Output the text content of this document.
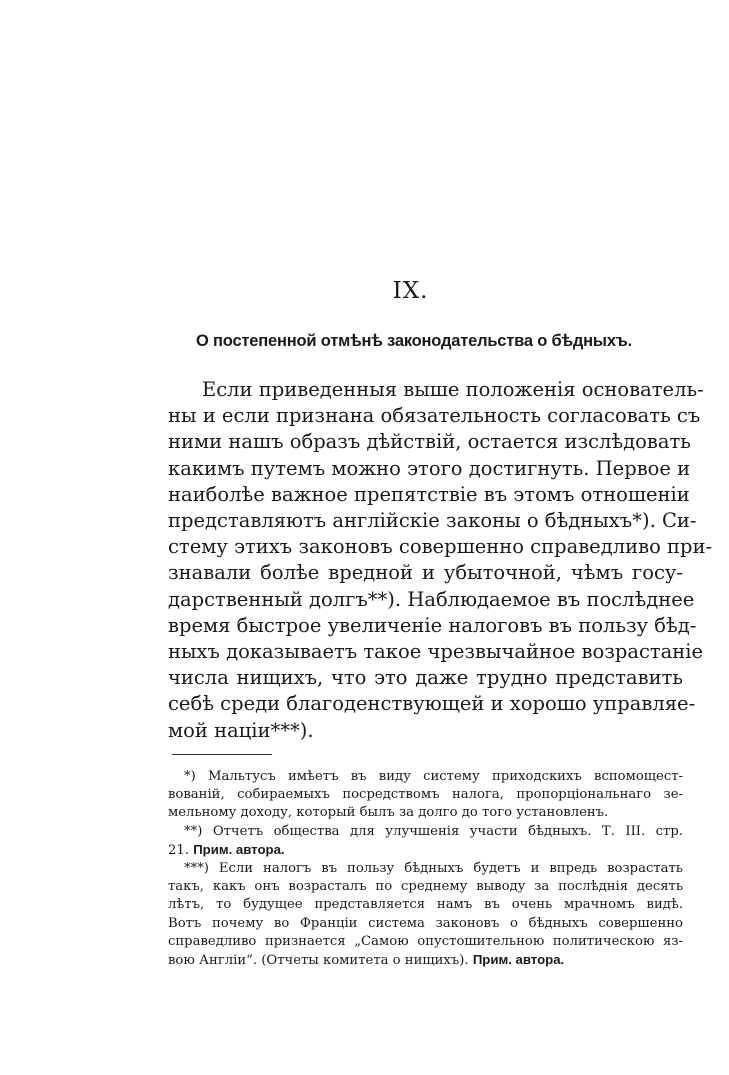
IX.
О постепенной отмѣнѣ законодательства о бѣдныхъ.
Если приведенныя выше положенія основатель-
ны и если признана обязательность согласовать съ
ними нашъ образъ дѣйствій, остается изслѣдовать
какимъ путемъ можно этого достигнуть. Первое и
наиболѣе важное препятствіе въ этомъ отношеніи
представляютъ англійскіе законы о бѣдныхъ*). Си-
стему этихъ законовъ совершенно справедливо при-
знавали болѣе вредной и убыточной, чѣмъ госу-
дарственный долгъ**). Наблюдаемое въ послѣднее
время быстрое увеличеніе налоговъ въ пользу бѣд-
ныхъ доказываетъ такое чрезвычайное возрастаніе
числа нищихъ, что это даже трудно представить
себѣ среди благоденствующей и хорошо управляе-
мой націи***).
*) Мальтусъ имѣетъ въ виду систему приходскихъ вспомощест-
вованій, собираемыхъ посредствомъ налога, пропорціональнаго зе-
мельному доходу, который былъ за долго до того установленъ.
**) Отчетъ общества для улучшенія участи бѣдныхъ. Т. III. стр.
21. Прим. автора.
***) Если налогъ въ пользу бѣдныхъ будетъ и впредь возрастать
такъ, какъ онъ возрасталъ по среднему выводу за послѣднія десять
лѣтъ, то будущее представляется намъ въ очень мрачномъ видѣ.
Вотъ почему во Франціи система законовъ о бѣдныхъ совершенно
справедливо признается „Самою опустошительною политическою яз-
вою Англіи“. (Отчеты комитета о нищихъ). Прим. автора.
